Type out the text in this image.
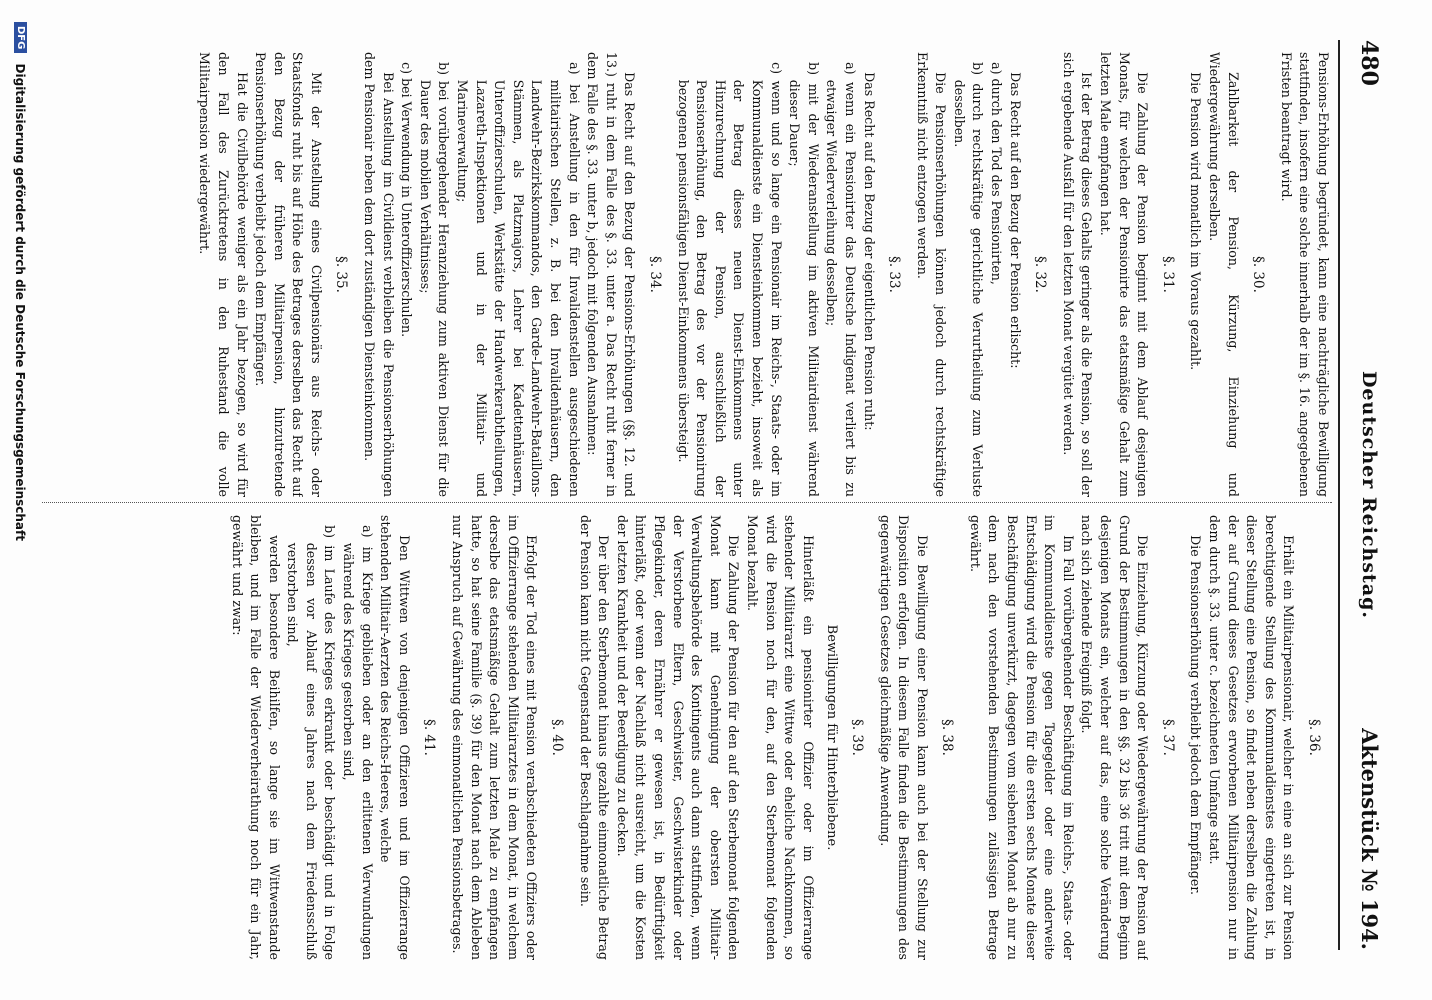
480
Deutscher Reichstag.
Aktenstück № 194.

Pensions-Erhöhung begründet, kann eine nachträgliche Bewilligung stattfinden, insofern eine solche innerhalb der im §. 16. angegebenen Fristen beantragt wird.

§. 30.

Zahlbarkeit der Pension, Kürzung, Einziehung und Wiedergewährung derselben.

Die Pension wird monatlich im Voraus gezahlt.

§. 31.

Die Zahlung der Pension beginnt mit dem Ablauf desjenigen Monats, für welchen der Pensionirte das etatsmäßige Gehalt zum letzten Male empfangen hat.

Ist der Betrag dieses Gehalts geringer als die Pension, so soll der sich ergebende Ausfall für den letzten Monat vergütet werden.

§. 32.

Das Recht auf den Bezug der Pension erlischt:

a) durch den Tod des Pensionirten,

b) durch rechtskräftige gerichtliche Verurtheilung zum Verluste desselben.

Die Pensionserhöhungen können jedoch durch rechtskräftige Erkenntniß nicht entzogen werden.

§. 33.

Das Recht auf den Bezug der eigentlichen Pension ruht:

a) wenn ein Pensionirter das Deutsche Indigenat verliert bis zu etwaiger Wiederverleihung desselben;

b) mit der Wiederanstellung im aktiven Militairdienst während dieser Dauer;

c) wenn und so lange ein Pensionair im Reichs-, Staats- oder im Kommunaldienste ein Diensteinkommen bezieht, insoweit als der Betrag dieses neuen Dienst-Einkommens unter Hinzurechnung der Pension, ausschließlich der Pensionserhöhung, den Betrag des vor der Pensionirung bezogenen pensionsfähigen Dienst-Einkommens übersteigt.

§. 34.

Das Recht auf den Bezug der Pensions-Erhöhungen (§§. 12. und 13.) ruht in dem Falle des §. 33. unter a. Das Recht ruht ferner in dem Falle des §. 33. unter b, jedoch mit folgenden Ausnahmen:

a) bei Anstellung in den für Invalidenstellen ausgeschiedenen militairischen Stellen, z. B. bei den Invalidenhäusern, den Landwehr-Bezirkskommandos, den Garde-Landwehr-Bataillons-Stämmen, als Platzmajors, Lehrer bei Kadettenhäusern, Unteroffizierschulen, Werkstätte der Handwerkerabtheilungen, Lazareth-Inspektionen und in der Militair- und Marineverwaltung;

b) bei vorübergehender Heranziehung zum aktiven Dienst für die Dauer des mobilen Verhältnisses;

c) bei Verwendung in Unteroffizierschulen.

Bei Anstellung im Civildienst verbleiben die Pensionserhöhungen dem Pensionair neben dem dort zuständigen Diensteinkommen.

§. 35.

Mit der Anstellung eines Civilpensionärs aus Reichs- oder Staatsfonds ruht bis auf Höhe des Betrages derselben das Recht auf den Bezug der früheren Militairpension, hinzutretende Pensionserhöhung verbleibt jedoch dem Empfänger.

Hat die Civilbehörde weniger als ein Jahr bezogen, so wird für den Fall des Zurücktretens in den Ruhestand die volle Militairpension wiedergewährt.

§. 36.

Erhält ein Militairpensionair, welcher in eine an sich zur Pension berechtigende Stellung des Kommunaldienstes eingetreten ist, in dieser Stellung eine Pension, so findet neben derselben die Zahlung der auf Grund dieses Gesetzes erworbenen Militairpension nur in dem durch §. 33. unter c. bezeichneten Umfange statt.

Die Pensionserhöhung verbleibt jedoch dem Empfänger.

§. 37.

Die Einziehung, Kürzung oder Wiedergewährung der Pension auf Grund der Bestimmungen in den §§. 32 bis 36 tritt mit dem Beginn desjenigen Monats ein, welcher auf das, eine solche Veränderung nach sich ziehende Ereigniß folgt.

Im Fall vorübergehender Beschäftigung im Reichs-, Staats- oder im Kommunaldienste gegen Tagegelder oder eine anderweite Entschädigung wird die Pension für die ersten sechs Monate dieser Beschäftigung unverkürzt, dagegen vom siebenten Monat ab nur zu dem nach den vorstehenden Bestimmungen zulässigen Betrage gewährt.

§. 38.

Die Bewilligung einer Pension kann auch bei der Stellung zur Disposition erfolgen. In diesem Falle finden die Bestimmungen des gegenwärtigen Gesetzes gleichmäßige Anwendung.

§. 39.
Bewilligungen für Hinterbliebene.

Hinterläßt ein pensionirter Offizier oder im Offizierrange stehender Militairarzt eine Wittwe oder eheliche Nachkommen, so wird die Pension noch für den, auf den Sterbemonat folgenden Monat bezahlt.

Die Zahlung der Pension für den auf den Sterbemonat folgenden Monat kann mit Genehmigung der obersten Militair-Verwaltungsbehörde des Kontingents auch dann stattfinden, wenn der Verstorbene Eltern, Geschwister, Geschwisterkinder oder Pflegekinder, deren Ernährer er gewesen ist, in Bedürftigkeit hinterläßt, oder wenn der Nachlaß nicht ausreicht, um die Kosten der letzten Krankheit und der Beerdigung zu decken.

Der über den Sterbemonat hinaus gezahlte einmonatliche Betrag der Pension kann nicht Gegenstand der Beschlagnahme sein.

§. 40.

Erfolgt der Tod eines mit Pension verabschiedeten Offiziers oder im Offizierrange stehenden Militairarztes in dem Monat, in welchem derselbe das etatsmäßige Gehalt zum letzten Male zu empfangen hatte, so hat seine Familie (§. 39) für den Monat nach dem Ableben nur Anspruch auf Gewährung des einmonatlichen Pensionsbetrages.

§. 41.

Den Wittwen von denjenigen Offizieren und im Offizierrange stehenden Militair-Aerzten des Reichs-Heeres, welche

a) im Kriege geblieben oder an den erlittenen Verwundungen während des Krieges gestorben sind,

b) im Laufe des Krieges erkrankt oder beschädigt und in Folge dessen vor Ablauf eines Jahres nach dem Friedensschluß verstorben sind,

werden besondere Beihilfen, so lange sie im Wittwenstande bleiben, und im Falle der Wiederverheirathung noch für ein Jahr, gewährt und zwar:

DFG Digitalisierung gefördert durch die Deutsche Forschungsgemeinschaft
